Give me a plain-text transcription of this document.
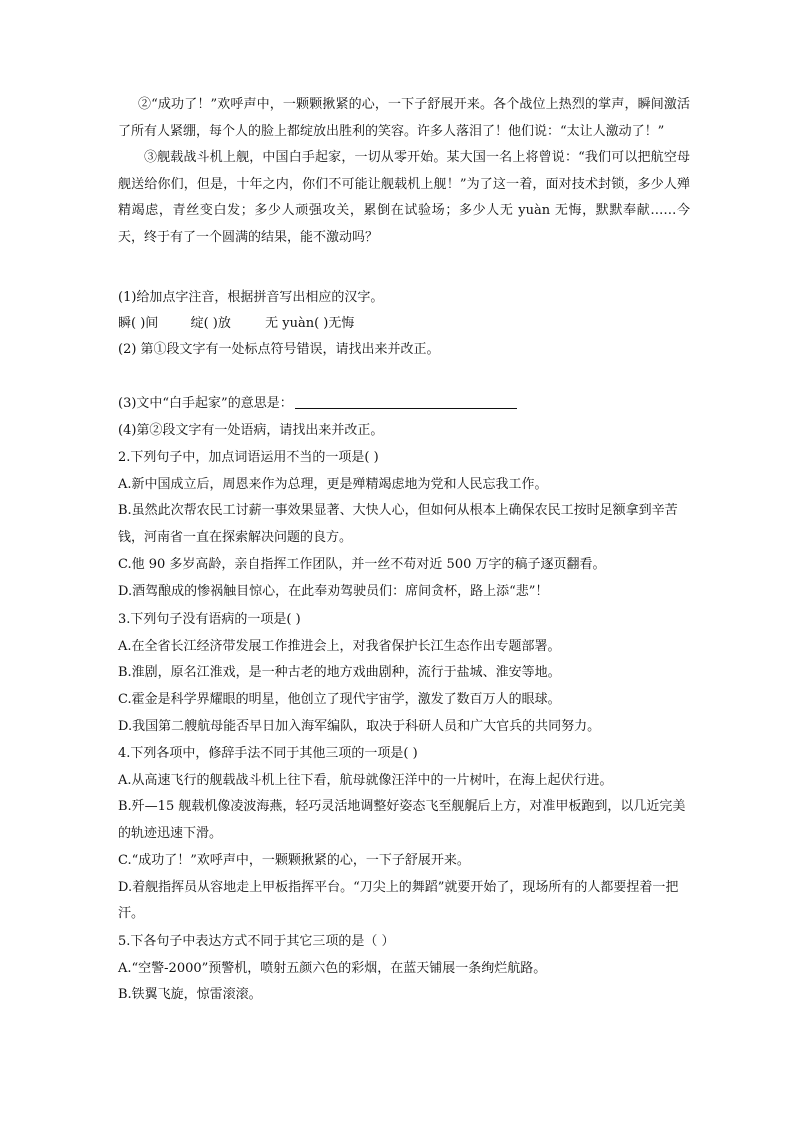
②“成功了！”欢呼声中，一颗颗揪紧的心，一下子舒展开来。各个战位上热烈的掌声，瞬间激活了所有人紧绷，每个人的脸上都绽放出胜利的笑容。许多人落泪了！他们说：“太让人激动了！”

③舰载战斗机上舰，中国白手起家，一切从零开始。某大国一名上将曾说：“我们可以把航空母舰送给你们，但是，十年之内，你们不可能让舰载机上舰！”为了这一着，面对技术封锁，多少人殚精竭虑，青丝变白发；多少人顽强攻关，累倒在试验场；多少人无 yuàn 无悔，默默奉献……今天，终于有了一个圆满的结果，能不激动吗？

(1)给加点字注音，根据拼音写出相应的汉字。
瞬( )间 绽( )放	无 yuàn( )无悔
(2) 第①段文字有一处标点符号错误，请找出来并改正。
(3)文中“白手起家”的意思是：
(4)第②段文字有一处语病，请找出来并改正。
2.下列句子中，加点词语运用不当的一项是( )
A.新中国成立后，周恩来作为总理，更是殚精竭虑地为党和人民忘我工作。
B.虽然此次帮农民工讨薪一事效果显著、大快人心，但如何从根本上确保农民工按时足额拿到辛苦钱，河南省一直在探索解决问题的良方。
C.他 90 多岁高龄，亲自指挥工作团队，并一丝不苟对近 500 万字的稿子逐页翻看。
D.酒驾酿成的惨祸触目惊心，在此奉劝驾驶员们：席间贪杯，路上添“悲”！
3.下列句子没有语病的一项是( )
A.在全省长江经济带发展工作推进会上，对我省保护长江生态作出专题部署。
B.淮剧，原名江淮戏，是一种古老的地方戏曲剧种，流行于盐城、淮安等地。
C.霍金是科学界耀眼的明星，他创立了现代宇宙学，激发了数百万人的眼球。
D.我国第二艘航母能否早日加入海军编队，取决于科研人员和广大官兵的共同努力。
4.下列各项中，修辞手法不同于其他三项的一项是( )
A.从高速飞行的舰载战斗机上往下看，航母就像汪洋中的一片树叶，在海上起伏行进。
B.歼—15 舰载机像凌波海燕，轻巧灵活地调整好姿态飞至舰艉后上方，对准甲板跑到，以几近完美的轨迹迅速下滑。
C.“成功了！”欢呼声中，一颗颗揪紧的心，一下子舒展开来。
D.着舰指挥员从容地走上甲板指挥平台。“刀尖上的舞蹈”就要开始了，现场所有的人都要捏着一把汗。
5.下各句子中表达方式不同于其它三项的是（ ）
A.“空警-2000”预警机，喷射五颜六色的彩烟，在蓝天铺展一条绚烂航路。
B.铁翼飞旋，惊雷滚滚。
